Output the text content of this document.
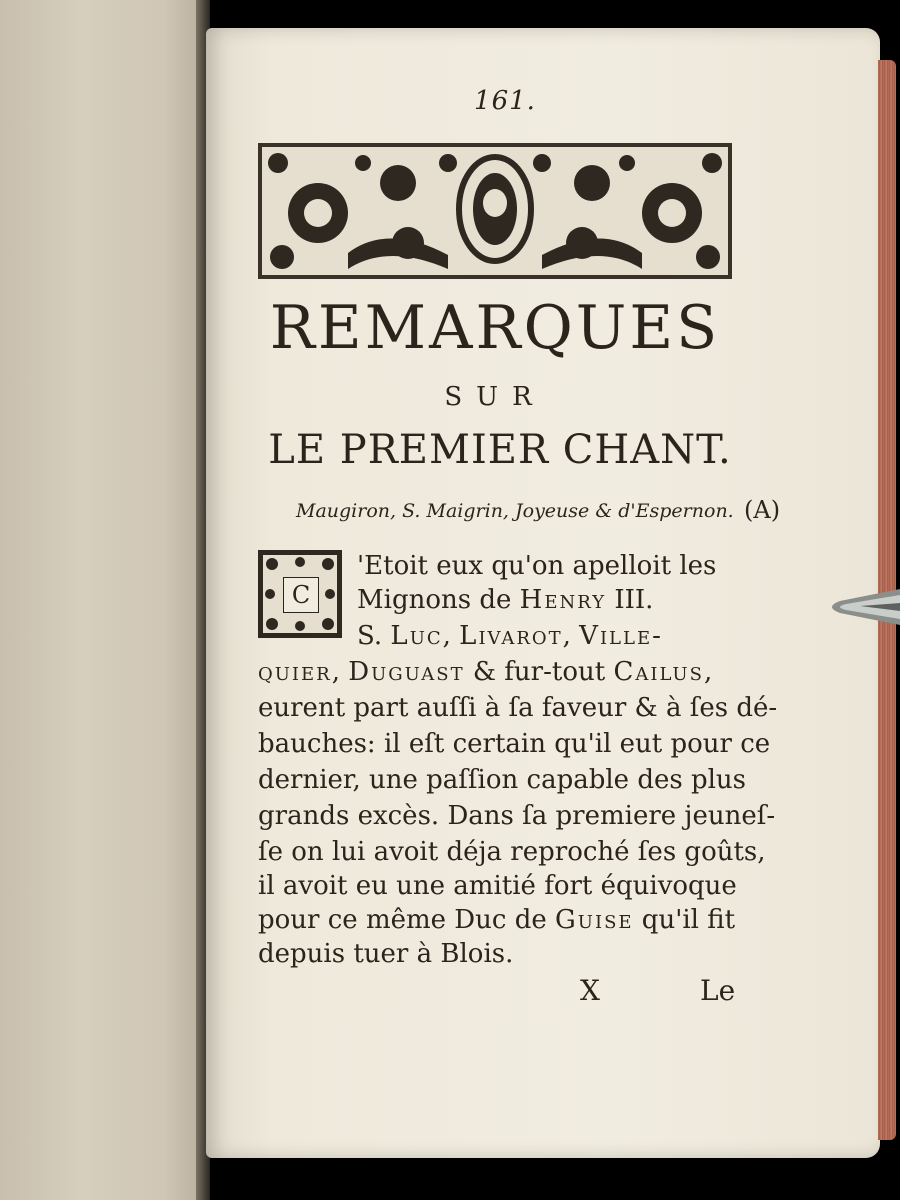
161.
REMARQUES
SUR
LE PREMIER CHANT.
Maugiron, S. Maigrin, Joyeuse & d'Espernon. (A)
C
'Etoit eux qu'on apelloit les
Mignons de Henry III.
S. Luc, Livarot, Ville-
quier, Duguast & fur-tout Cailus,
eurent part auſſi à ſa faveur & à ſes dé-
bauches: il eſt certain qu'il eut pour ce
dernier, une paſſion capable des plus
grands excès. Dans ſa premiere jeuneſ-
ſe on lui avoit déja reproché ſes goûts,
il avoit eu une amitié fort équivoque
pour ce même Duc de Guise qu'il fit
depuis tuer à Blois.
X	Le
